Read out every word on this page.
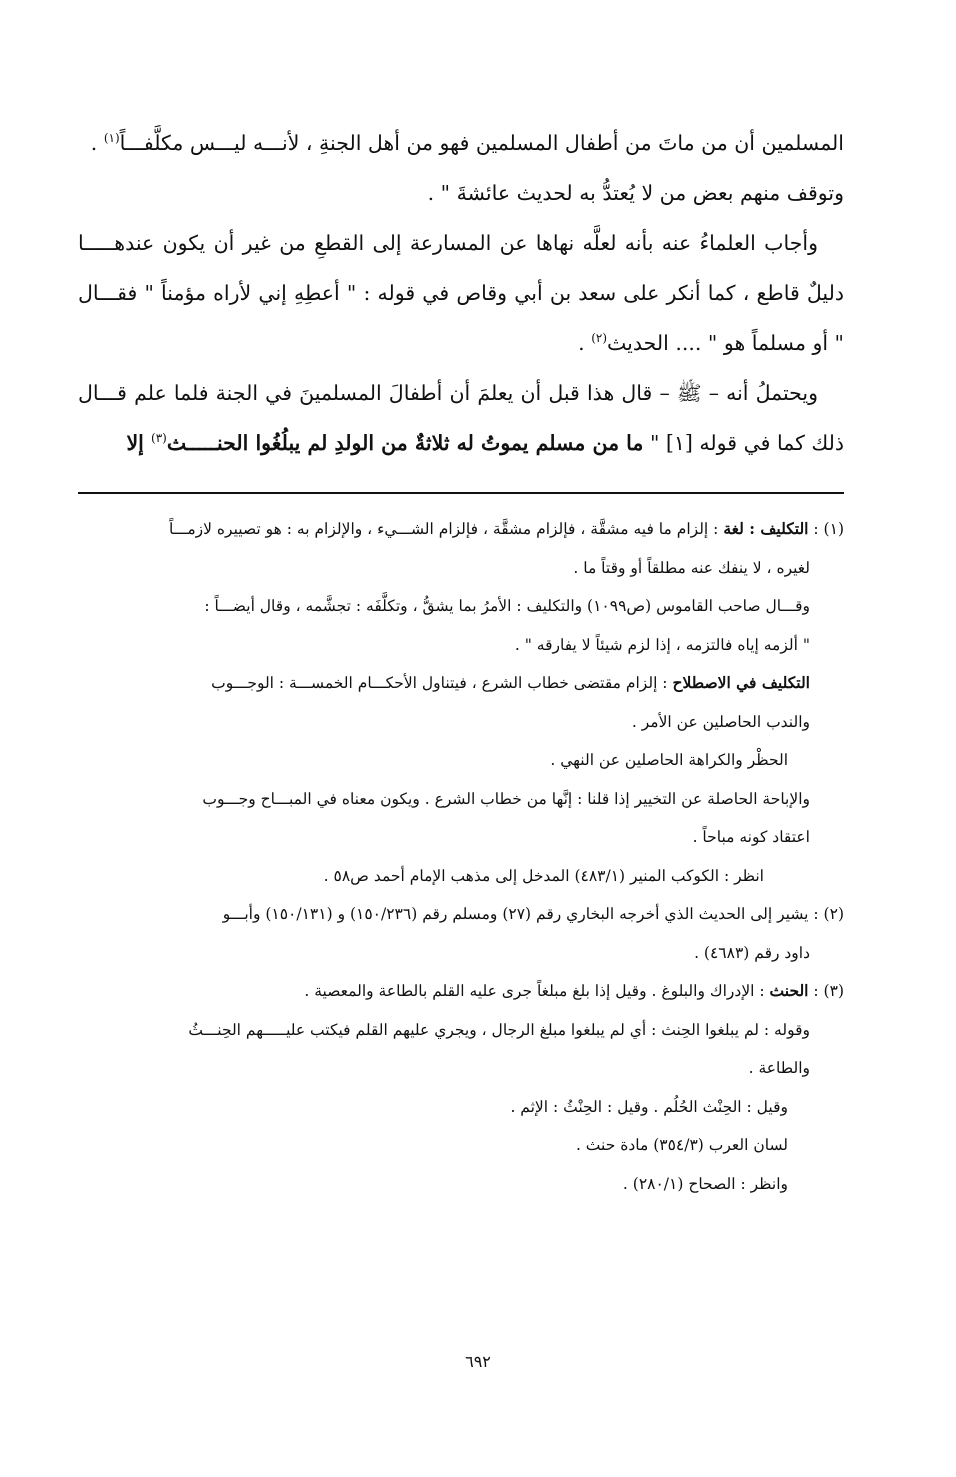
المسلمين أن من ماتَ من أطفال المسلمين فهو من أهل الجنةِ ، لأنـــه ليـــس مكلَّفـــاً$^{(١)}$ .

وتوقف منهم بعض من لا يُعتدُّ به لحديث عائشةَ " .

وأجاب العلماءُ عنه بأنه لعلَّه نهاها عن المسارعة إلى القطعِ من غير أن يكون عندهـــــا دليلٌ قاطع ، كما أنكر على سعد بن أبي وقاص في قوله : " أعطِهِ إني لأراه مؤمناً " فقـــال " أو مسلماً هو " .... الحديث$^{(٢)}$ .

ويحتملُ أنه – ﷺ – قال هذا قبل أن يعلمَ أن أطفالَ المسلمينَ في الجنة فلما علم قـــال ذلك كما في قوله [١] " ما من مسلم يموتُ له ثلاثةٌ من الولدِ لم يبلُغُوا الحنـــــث$^{(٣)}$ إلا

(١) : التكليف : لغة : إلزام ما فيه مشقَّة ، فإلزام مشقَّة ، فإلزام الشـــيء ، والإلزام به : هو تصييره لازمـــاً

لغيره ، لا ينفك عنه مطلقاً أو وقتاً ما .

وقـــال صاحب القاموس (ص١٠٩٩) والتكليف : الأمرُ بما يشقُّ ، وتكلَّفَه : تجشَّمه ، وقال أيضـــاً :

" ألزمه إياه فالتزمه ، إذا لزم شيئاً لا يفارقه " .

التكليف في الاصطلاح : إلزام مقتضى خطاب الشرع ، فيتناول الأحكـــام الخمســـة : الوجـــوب

والندب الحاصلين عن الأمر .

الحظْر والكراهة الحاصلين عن النهي .

والإباحة الحاصلة عن التخيير إذا قلنا : إنَّها من خطاب الشرع . ويكون معناه في المبـــاح وجـــوب

اعتقاد كونه مباحاً .

انظر : الكوكب المنير (٤٨٣/١) المدخل إلى مذهب الإمام أحمد ص٥٨ .

(٢) : يشير إلى الحديث الذي أخرجه البخاري رقم (٢٧) ومسلم رقم (١٥٠/٢٣٦) و (١٥٠/١٣١) وأبـــو

داود رقم (٤٦٨٣) .

(٣) : الحنث : الإدراك والبلوغ . وقيل إذا بلغ مبلغاً جرى عليه القلم بالطاعة والمعصية .

وقوله : لم يبلغوا الحِنث : أي لم يبلغوا مبلغ الرجال ، ويجري عليهم القلم فيكتب عليـــــهم الحِنـــثُ

والطاعة .

وقيل : الحِنْث الحُلُم . وقيل : الحِنْثُ : الإثم .

لسان العرب (٣٥٤/٣) مادة حنث .

وانظر : الصحاح (٢٨٠/١) .

٦٩٢
